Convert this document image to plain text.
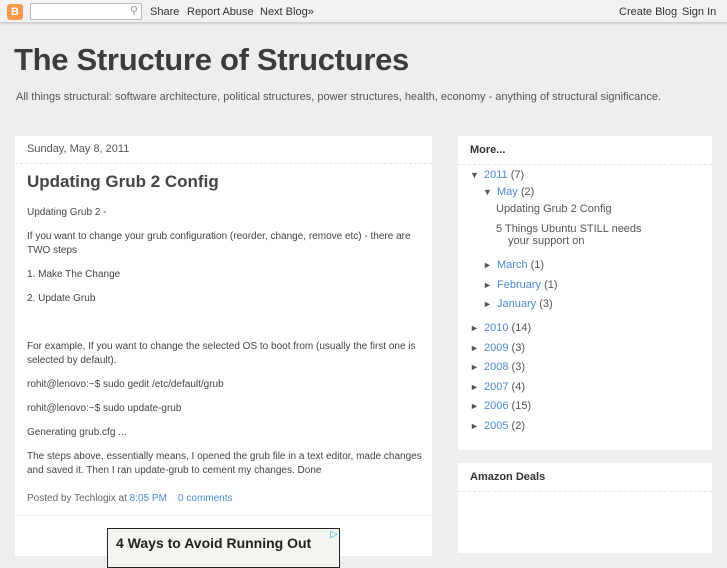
B	⚲ Share Report Abuse Next Blog»	Create Blog Sign In
The Structure of Structures
All things structural: software architecture, political structures, power structures, health, economy - anything of structural significance.
Sunday, May 8, 2011
Updating Grub 2 Config

Updating Grub 2 -

If you want to change your grub configuration (reorder, change, remove etc) - there are TWO steps

1. Make The Change

2. Update Grub

For example, If you want to change the selected OS to boot from (usually the first one is selected by default).

rohit@lenovo:~$ sudo gedit /etc/default/grub

rohit@lenovo:~$ sudo update-grub

Generating grub.cfg ...

The steps above, essentially means, I opened the grub file in a text editor, made changes and saved it. Then I ran update-grub to cement my changes. Done

Posted by Techlogix at 8:05 PM 0 comments
4 Ways to Avoid Running Out
▷
More...
▼ 2011 (7)
▼ May (2)
Updating Grub 2 Config
5 Things Ubuntu STILL needs
your support on
► March (1)
► February (1)
► January (3)
► 2010 (14)
► 2009 (3)
► 2008 (3)
► 2007 (4)
► 2006 (15)
► 2005 (2)
Amazon Deals
